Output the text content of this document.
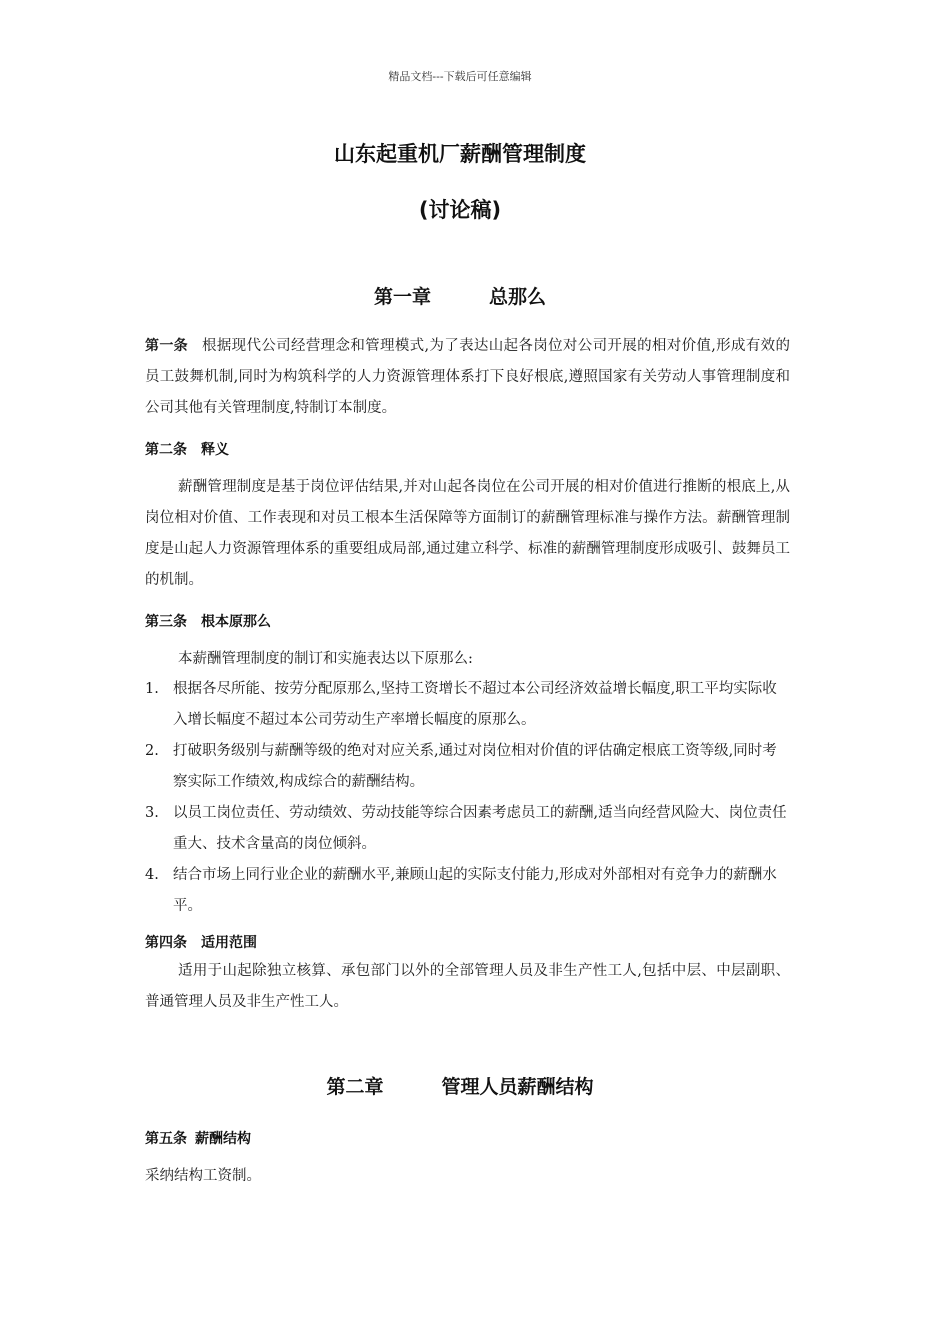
精品文档---下载后可任意编辑
山东起重机厂薪酬管理制度
(讨论稿)
第一章	总那么

第一条 根据现代公司经营理念和管理模式,为了表达山起各岗位对公司开展的相对价值,形成有效的员工鼓舞机制,同时为构筑科学的人力资源管理体系打下良好根底,遵照国家有关劳动人事管理制度和公司其他有关管理制度,特制订本制度。

第二条 释义

薪酬管理制度是基于岗位评估结果,并对山起各岗位在公司开展的相对价值进行推断的根底上,从岗位相对价值、工作表现和对员工根本生活保障等方面制订的薪酬管理标准与操作方法。薪酬管理制度是山起人力资源管理体系的重要组成局部,通过建立科学、标准的薪酬管理制度形成吸引、鼓舞员工的机制。

第三条 根本原那么

本薪酬管理制度的制订和实施表达以下原那么:

1. 根据各尽所能、按劳分配原那么,坚持工资增长不超过本公司经济效益增长幅度,职工平均实际收入增长幅度不超过本公司劳动生产率增长幅度的原那么。
2. 打破职务级别与薪酬等级的绝对对应关系,通过对岗位相对价值的评估确定根底工资等级,同时考察实际工作绩效,构成综合的薪酬结构。
3. 以员工岗位责任、劳动绩效、劳动技能等综合因素考虑员工的薪酬,适当向经营风险大、岗位责任重大、技术含量高的岗位倾斜。
4. 结合市场上同行业企业的薪酬水平,兼顾山起的实际支付能力,形成对外部相对有竞争力的薪酬水平。
第四条 适用范围

适用于山起除独立核算、承包部门以外的全部管理人员及非生产性工人,包括中层、中层副职、普通管理人员及非生产性工人。

第二章	管理人员薪酬结构
第五条 薪酬结构

采纳结构工资制。
